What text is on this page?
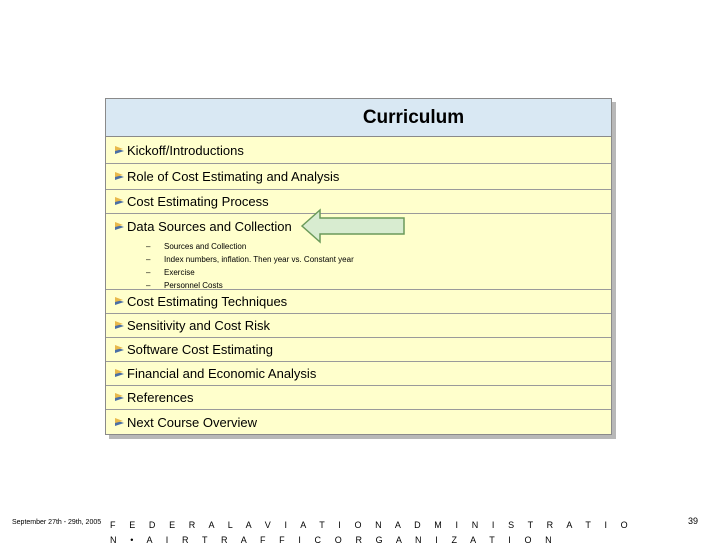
Curriculum
Kickoff/Introductions
Role of Cost Estimating and Analysis
Cost Estimating Process
Data Sources and Collection
–	Sources and Collection
–	Index numbers, inflation. Then year vs. Constant year
–	Exercise
–	Personnel Costs
Cost Estimating Techniques
Sensitivity and Cost Risk
Software Cost Estimating
Financial and Economic Analysis
References
Next Course Overview
September 27th - 29th, 2005 F E D E R A L A V I A T I O N A D M I N I S T R A T I O N • A I R T R A F F I C O R G A N I Z A T I O N
39
